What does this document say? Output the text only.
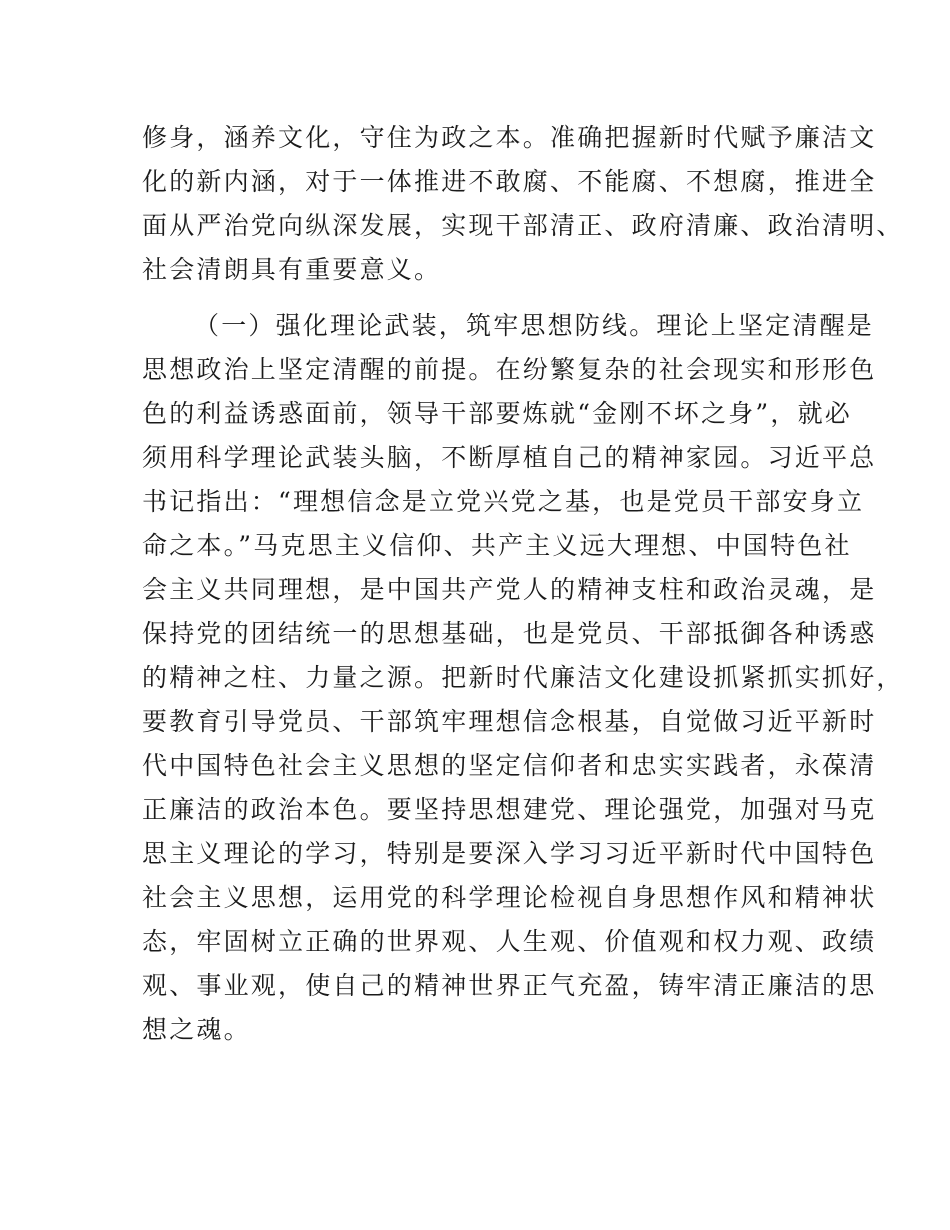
修身，涵养文化，守住为政之本。准确把握新时代赋予廉洁文
化的新内涵，对于一体推进不敢腐、不能腐、不想腐，推进全
面从严治党向纵深发展，实现干部清正、政府清廉、政治清明、
社会清朗具有重要意义。
（一）强化理论武装，筑牢思想防线。理论上坚定清醒是
思想政治上坚定清醒的前提。在纷繁复杂的社会现实和形形色
色的利益诱惑面前，领导干部要炼就“金刚不坏之身”，就必
须用科学理论武装头脑，不断厚植自己的精神家园。习近平总
书记指出：“理想信念是立党兴党之基，也是党员干部安身立
命之本。”马克思主义信仰、共产主义远大理想、中国特色社
会主义共同理想，是中国共产党人的精神支柱和政治灵魂，是
保持党的团结统一的思想基础，也是党员、干部抵御各种诱惑
的精神之柱、力量之源。把新时代廉洁文化建设抓紧抓实抓好，
要教育引导党员、干部筑牢理想信念根基，自觉做习近平新时
代中国特色社会主义思想的坚定信仰者和忠实实践者，永葆清
正廉洁的政治本色。要坚持思想建党、理论强党，加强对马克
思主义理论的学习，特别是要深入学习习近平新时代中国特色
社会主义思想，运用党的科学理论检视自身思想作风和精神状
态，牢固树立正确的世界观、人生观、价值观和权力观、政绩
观、事业观，使自己的精神世界正气充盈，铸牢清正廉洁的思
想之魂。
